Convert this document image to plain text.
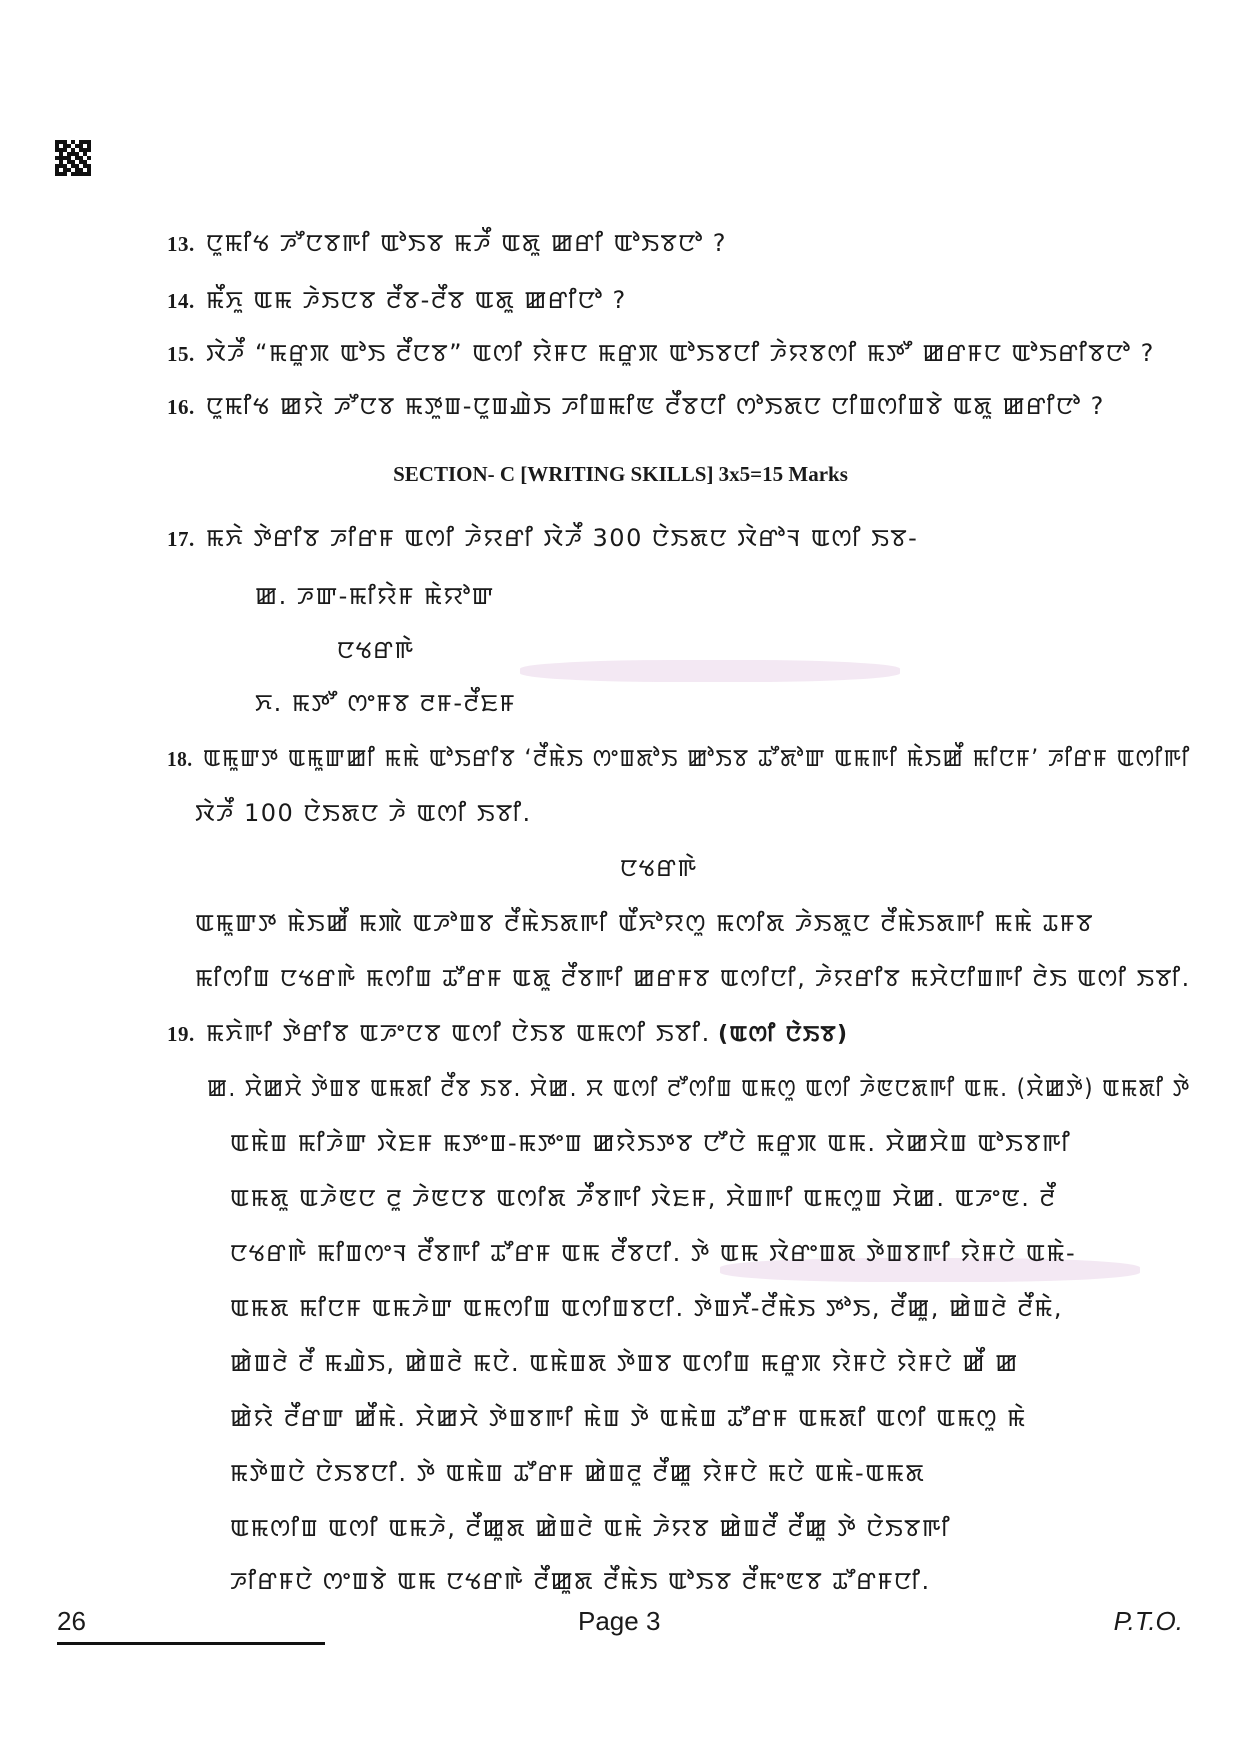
13. ꯅꯨꯃꯤꯠ ꯍꯧꯅꯕꯒꯤ ꯑꯣꯏꯕ ꯃꯍꯩ ꯑꯗꯨ ꯀꯔꯤ ꯑꯣꯏꯕꯅꯣ ?
14. ꯃꯩꯈꯨ ꯑꯃ ꯍꯥꯏꯅꯕ ꯂꯩꯕ-ꯂꯩꯕ ꯑꯗꯨ ꯀꯔꯤꯅꯣ ?
15. ꯋꯥꯍꯩ “ꯃꯔꯨꯞ ꯑꯣꯏ ꯂꯩꯅꯕ” ꯑꯁꯤ ꯌꯥꯝꯅ ꯃꯔꯨꯞ ꯑꯣꯏꯕꯅꯤ ꯍꯥꯌꯕꯁꯤ ꯃꯇꯧ ꯀꯔꯝꯅ ꯑꯣꯏꯔꯤꯕꯅꯣ ?
16. ꯅꯨꯃꯤꯠ ꯀꯌꯥ ꯍꯧꯅꯕ ꯃꯇꯨꯡ-ꯅꯨꯡꯉꯥꯏ ꯍꯤꯡꯃꯤꯟ ꯂꯩꯕꯅꯤ ꯁꯣꯏꯗꯅ ꯅꯤꯡꯁꯤꯡꯕꯥ ꯑꯗꯨ ꯀꯔꯤꯅꯣ ?
SECTION- C [WRITING SKILLS] 3x5=15 Marks
17. ꯃꯈꯥ ꯇꯥꯔꯤꯕ ꯍꯤꯔꯝ ꯑꯁꯤ ꯍꯥꯌꯔꯤ ꯋꯥꯍꯩ 300 ꯅꯥꯏꯗꯅ ꯋꯥꯔꯣꯜ ꯑꯁꯤ ꯏꯕ-
ꯀ. ꯍꯛ-ꯃꯤꯌꯥꯝ ꯃꯥꯌꯣꯛ
ꯅꯠꯔꯒꯥ
ꯈ. ꯃꯇꯧ ꯁꯦꯝꯕ ꯂꯝ-ꯂꯩꯐꯝ
18. ꯑꯃꯨꯛꯇ ꯑꯃꯨꯛꯀꯤ ꯃꯃꯥ ꯑꯣꯏꯔꯤꯕ ‘ꯂꯩꯃꯥꯏ ꯁꯦꯡꯗꯣꯏ ꯀꯣꯏꯕ ꯊꯧꯗꯣꯛ ꯑꯃꯒꯤ ꯃꯥꯏꯀꯩ ꯃꯤꯅꯝ’ ꯍꯤꯔꯝ ꯑꯁꯤꯒꯤ
ꯋꯥꯍꯩ 100 ꯅꯥꯏꯗꯅ ꯍꯥ ꯑꯁꯤ ꯏꯕꯤ.
ꯅꯠꯔꯒꯥ
ꯑꯃꯨꯛꯇ ꯃꯥꯏꯀꯩ ꯃꯄꯥ ꯑꯍꯣꯡꯕ ꯂꯩꯃꯥꯏꯗꯒꯤ ꯑꯩꯈꯣꯌꯁꯨ ꯃꯁꯤꯗ ꯍꯥꯏꯗꯨꯅ ꯂꯩꯃꯥꯏꯗꯒꯤ ꯃꯃꯥ ꯊꯝꯕ
ꯃꯤꯁꯤꯡ ꯅꯠꯔꯒꯥ ꯃꯁꯤꯡ ꯊꯧꯔꯝ ꯑꯗꯨ ꯂꯩꯕꯒꯤ ꯀꯔꯝꯕ ꯑꯁꯤꯅꯤ, ꯍꯥꯌꯔꯤꯕ ꯃꯆꯥꯅꯤꯡꯒꯤ ꯂꯥꯏ ꯑꯁꯤ ꯏꯕꯤ.
19. ꯃꯈꯥꯒꯤ ꯇꯥꯔꯤꯕ ꯑꯍꯦꯅꯕ ꯑꯁꯤ ꯅꯥꯏꯕ ꯑꯃꯁꯤ ꯏꯕꯤ. (ꯑꯁꯤ ꯅꯥꯏꯕ)
ꯀ. ꯆꯥꯀꯆꯥ ꯇꯥꯡꯕ ꯑꯃꯗꯤ ꯂꯩꯕ ꯏꯕ. ꯆꯥꯀ. ꯆ ꯑꯁꯤ ꯂꯧꯁꯤꯡ ꯑꯃꯁꯨ ꯑꯁꯤ ꯍꯥꯟꯅꯗꯒꯤ ꯑꯃ. (ꯆꯥꯀꯇꯥ) ꯑꯃꯗꯤ ꯇꯥ
ꯑꯃꯥꯡ ꯃꯤꯍꯥꯛ ꯋꯥꯐꯝ ꯃꯇꯦꯡ-ꯃꯇꯦꯡ ꯀꯌꯥꯏꯇꯕ ꯅꯧꯅꯥ ꯃꯔꯨꯞ ꯑꯃ. ꯆꯥꯀꯆꯥꯡ ꯑꯣꯏꯕꯒꯤ
ꯑꯃꯗꯨ ꯑꯍꯥꯟꯅ ꯂꯨ ꯍꯥꯟꯅꯕ ꯑꯁꯤꯗ ꯍꯩꯕꯒꯤ ꯋꯥꯐꯝ, ꯆꯥꯡꯒꯤ ꯑꯃꯁꯨꯡ ꯆꯥꯀ. ꯑꯍꯦꯟ. ꯂꯩ
ꯅꯠꯔꯒꯥ ꯃꯤꯡꯁꯦꯜ ꯂꯩꯕꯒꯤ ꯊꯧꯔꯝ ꯑꯃ ꯂꯩꯕꯅꯤ. ꯇꯥ ꯑꯃ ꯋꯥꯔꯦꯡꯗ ꯇꯥꯡꯕꯒꯤ ꯌꯥꯝꯅꯥ ꯑꯃꯥ-
ꯑꯃꯗ ꯃꯤꯅꯝ ꯑꯃꯍꯥꯛ ꯑꯃꯁꯤꯡ ꯑꯁꯤꯡꯕꯅꯤ. ꯇꯥꯡꯈꯩ-ꯂꯩꯃꯥꯏ ꯇꯣꯏ, ꯂꯩꯀꯨ, ꯀꯥꯡꯂꯥ ꯂꯩꯃꯥ,
ꯀꯥꯡꯂꯥ ꯂꯩ ꯃꯉꯥꯏ, ꯀꯥꯡꯂꯥ ꯃꯅꯥ. ꯑꯃꯥꯡꯗ ꯇꯥꯡꯕ ꯑꯁꯤꯡ ꯃꯔꯨꯞ ꯌꯥꯝꯅꯥ ꯌꯥꯝꯅꯥ ꯀꯩ ꯀ
ꯀꯥꯌꯥ ꯂꯩꯔꯛ ꯀꯩꯃꯥ. ꯆꯥꯀꯆꯥ ꯇꯥꯡꯕꯒꯤ ꯃꯥꯡ ꯇꯥ ꯑꯃꯥꯡ ꯊꯧꯔꯝ ꯑꯃꯗꯤ ꯑꯁꯤ ꯑꯃꯁꯨ ꯃꯥ
ꯃꯇꯥꯡꯅꯥ ꯅꯥꯏꯕꯅꯤ. ꯇꯥ ꯑꯃꯥꯡ ꯊꯧꯔꯝ ꯀꯥꯡꯂꯨ ꯂꯩꯀꯨ ꯌꯥꯝꯅꯥ ꯃꯅꯥ ꯑꯃꯥ-ꯑꯃꯗ
ꯑꯃꯁꯤꯡ ꯑꯁꯤ ꯑꯃꯍꯥ, ꯂꯩꯀꯨꯗ ꯀꯥꯡꯂꯥ ꯑꯃꯥ ꯍꯥꯌꯕ ꯀꯥꯡꯂꯩ ꯂꯩꯀꯨ ꯇꯥ ꯅꯥꯏꯕꯒꯤ
ꯍꯤꯔꯝꯅꯥ ꯁꯦꯡꯕꯥ ꯑꯃ ꯅꯠꯔꯒꯥ ꯂꯩꯀꯨꯗ ꯂꯩꯃꯥꯏ ꯑꯣꯏꯕ ꯂꯩꯃꯦꯟꯕ ꯊꯧꯔꯝꯅꯤ.
26	Page 3	P.T.O.
